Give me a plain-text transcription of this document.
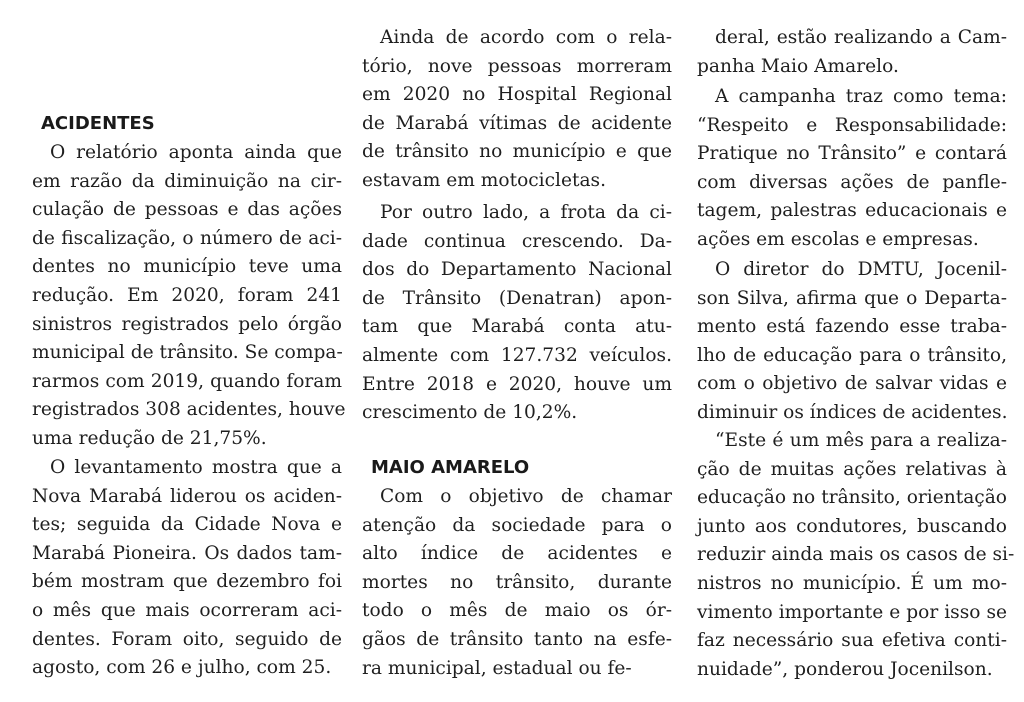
ACIDENTES
O relatório aponta ainda que
em razão da diminuição na cir-
culação de pessoas e das ações
de fiscalização, o número de aci-
dentes no município teve uma
redução. Em 2020, foram 241
sinistros registrados pelo órgão
municipal de trânsito. Se compa-
rarmos com 2019, quando foram
registrados 308 acidentes, houve
uma redução de 21,75%.
O levantamento mostra que a
Nova Marabá liderou os aciden-
tes; seguida da Cidade Nova e
Marabá Pioneira. Os dados tam-
bém mostram que dezembro foi
o mês que mais ocorreram aci-
dentes. Foram oito, seguido de
agosto, com 26 e julho, com 25.
Ainda de acordo com o rela-
tório, nove pessoas morreram
em 2020 no Hospital Regional
de Marabá vítimas de acidente
de trânsito no município e que
estavam em motocicletas.
Por outro lado, a frota da ci-
dade continua crescendo. Da-
dos do Departamento Nacional
de Trânsito (Denatran) apon-
tam que Marabá conta atu-
almente com 127.732 veículos.
Entre 2018 e 2020, houve um
crescimento de 10,2%.
MAIO AMARELO
Com o objetivo de chamar
atenção da sociedade para o
alto índice de acidentes e
mortes no trânsito, durante
todo o mês de maio os ór-
gãos de trânsito tanto na esfe-
ra municipal, estadual ou fe-
deral, estão realizando a Cam-
panha Maio Amarelo.
A campanha traz como tema:
“Respeito e Responsabilidade:
Pratique no Trânsito” e contará
com diversas ações de panfle-
tagem, palestras educacionais e
ações em escolas e empresas.
O diretor do DMTU, Jocenil-
son Silva, afirma que o Departa-
mento está fazendo esse traba-
lho de educação para o trânsito,
com o objetivo de salvar vidas e
diminuir os índices de acidentes.
“Este é um mês para a realiza-
ção de muitas ações relativas à
educação no trânsito, orientação
junto aos condutores, buscando
reduzir ainda mais os casos de si-
nistros no município. É um mo-
vimento importante e por isso se
faz necessário sua efetiva conti-
nuidade”, ponderou Jocenilson.
